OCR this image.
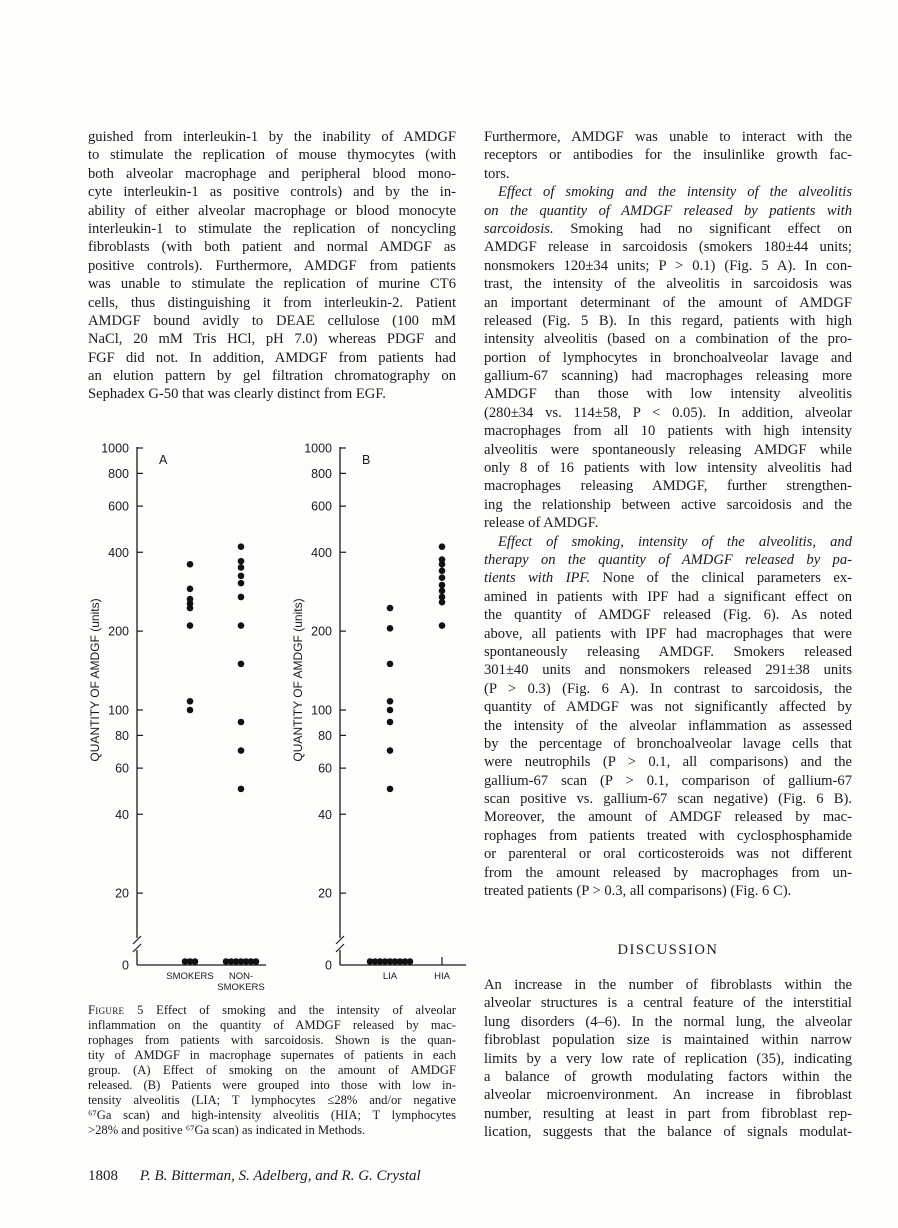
guished from interleukin-1 by the inability of AMDGF
to stimulate the replication of mouse thymocytes (with
both alveolar macrophage and peripheral blood mono-
cyte interleukin-1 as positive controls) and by the in-
ability of either alveolar macrophage or blood monocyte
interleukin-1 to stimulate the replication of noncycling
fibroblasts (with both patient and normal AMDGF as
positive controls). Furthermore, AMDGF from patients
was unable to stimulate the replication of murine CT6
cells, thus distinguishing it from interleukin-2. Patient
AMDGF bound avidly to DEAE cellulose (100 mM
NaCl, 20 mM Tris HCl, pH 7.0) whereas PDGF and
FGF did not. In addition, AMDGF from patients had
an elution pattern by gel filtration chromatography on
Sephadex G-50 that was clearly distinct from EGF.
Furthermore, AMDGF was unable to interact with the
receptors or antibodies for the insulinlike growth fac-
tors.
Effect of smoking and the intensity of the alveolitis
on the quantity of AMDGF released by patients with
sarcoidosis. Smoking had no significant effect on
AMDGF release in sarcoidosis (smokers 180±44 units;
nonsmokers 120±34 units; P > 0.1) (Fig. 5 A). In con-
trast, the intensity of the alveolitis in sarcoidosis was
an important determinant of the amount of AMDGF
released (Fig. 5 B). In this regard, patients with high
intensity alveolitis (based on a combination of the pro-
portion of lymphocytes in bronchoalveolar lavage and
gallium-67 scanning) had macrophages releasing more
AMDGF than those with low intensity alveolitis
(280±34 vs. 114±58, P < 0.05). In addition, alveolar
macrophages from all 10 patients with high intensity
alveolitis were spontaneously releasing AMDGF while
only 8 of 16 patients with low intensity alveolitis had
macrophages releasing AMDGF, further strengthen-
ing the relationship between active sarcoidosis and the
release of AMDGF.
Effect of smoking, intensity of the alveolitis, and
therapy on the quantity of AMDGF released by pa-
tients with IPF. None of the clinical parameters ex-
amined in patients with IPF had a significant effect on
the quantity of AMDGF released (Fig. 6). As noted
above, all patients with IPF had macrophages that were
spontaneously releasing AMDGF. Smokers released
301±40 units and nonsmokers released 291±38 units
(P > 0.3) (Fig. 6 A). In contrast to sarcoidosis, the
quantity of AMDGF was not significantly affected by
the intensity of the alveolar inflammation as assessed
by the percentage of bronchoalveolar lavage cells that
were neutrophils (P > 0.1, all comparisons) and the
gallium-67 scan (P > 0.1, comparison of gallium-67
scan positive vs. gallium-67 scan negative) (Fig. 6 B).
Moreover, the amount of AMDGF released by mac-
rophages from patients treated with cyclosphosphamide
or parenteral or oral corticosteroids was not different
from the amount released by macrophages from un-
treated patients (P > 0.3, all comparisons) (Fig. 6 C).
DISCUSSION
An increase in the number of fibroblasts within the
alveolar structures is a central feature of the interstitial
lung disorders (4–6). In the normal lung, the alveolar
fibroblast population size is maintained within narrow
limits by a very low rate of replication (35), indicating
a balance of growth modulating factors within the
alveolar microenvironment. An increase in fibroblast
number, resulting at least in part from fibroblast rep-
lication, suggests that the balance of signals modulat-
0
20
40
60
80
100
200
400
600
800
1000
A
QUANTITY OF AMDGF (units)
SMOKERS NON-
SMOKERS
0
20
40
60
80
100
200
400
600
800
1000
B
QUANTITY OF AMDGF (units)
LIA	HIA
Figure 5 Effect of smoking and the intensity of alveolar
inflammation on the quantity of AMDGF released by mac-
rophages from patients with sarcoidosis. Shown is the quan-
tity of AMDGF in macrophage supernates of patients in each
group. (A) Effect of smoking on the amount of AMDGF
released. (B) Patients were grouped into those with low in-
tensity alveolitis (LIA; T lymphocytes ≤28% and/or negative
⁶⁷Ga scan) and high-intensity alveolitis (HIA; T lymphocytes
>28% and positive ⁶⁷Ga scan) as indicated in Methods.
1808 P. B. Bitterman, S. Adelberg, and R. G. Crystal
